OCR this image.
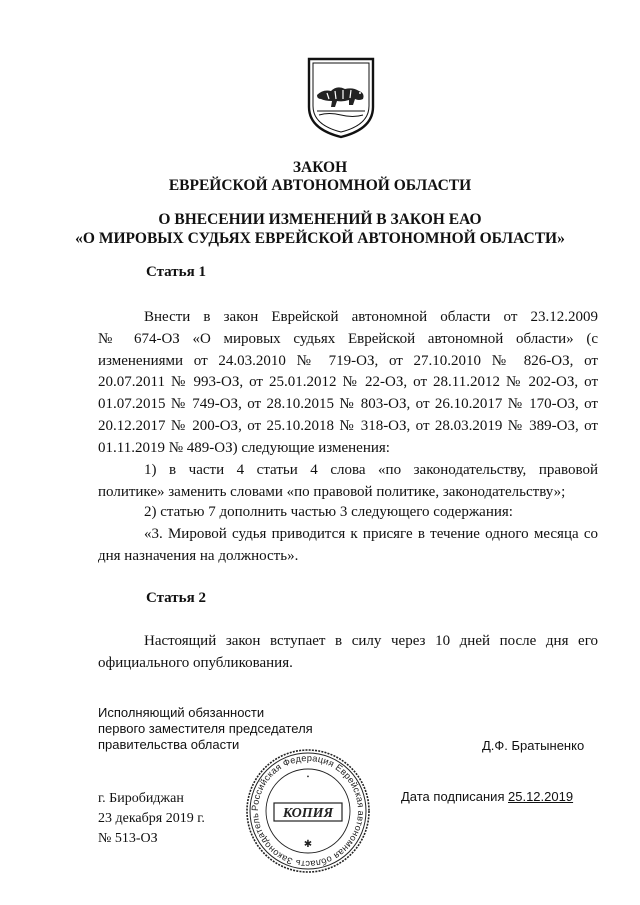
ЗАКОН
ЕВРЕЙСКОЙ АВТОНОМНОЙ ОБЛАСТИ
О ВНЕСЕНИИ ИЗМЕНЕНИЙ В ЗАКОН ЕАО
«О МИРОВЫХ СУДЬЯХ ЕВРЕЙСКОЙ АВТОНОМНОЙ ОБЛАСТИ»
Статья 1
Внести в закон Еврейской автономной области от 23.12.2009
№ 674-ОЗ «О мировых судьях Еврейской автономной области» (с
изменениями от 24.03.2010 № 719-ОЗ, от 27.10.2010 № 826-ОЗ, от
20.07.2011 № 993-ОЗ, от 25.01.2012 № 22-ОЗ, от 28.11.2012 № 202-ОЗ, от
01.07.2015 № 749-ОЗ, от 28.10.2015 № 803-ОЗ, от 26.10.2017 № 170-ОЗ, от
20.12.2017 № 200-ОЗ, от 25.10.2018 № 318-ОЗ, от 28.03.2019 № 389-ОЗ, от
01.11.2019 № 489-ОЗ) следующие изменения:
1) в части 4 статьи 4 слова «по законодательству, правовой
политике» заменить словами «по правовой политике, законодательству»;
2) статью 7 дополнить частью 3 следующего содержания:
«3. Мировой судья приводится к присяге в течение одного месяца со
дня назначения на должность».
Статья 2
Настоящий закон вступает в силу через 10 дней после дня его
официального опубликования.
Исполняющий обязанности
первого заместителя председателя
правительства области	Д.Ф. Братыненко
Российская Федерация Еврейская автономная область Законодатель	КОПИЯ
✱
•
г. Биробиджан
23 декабря 2019 г.
№ 513-ОЗ
Дата подписания 25.12.2019
